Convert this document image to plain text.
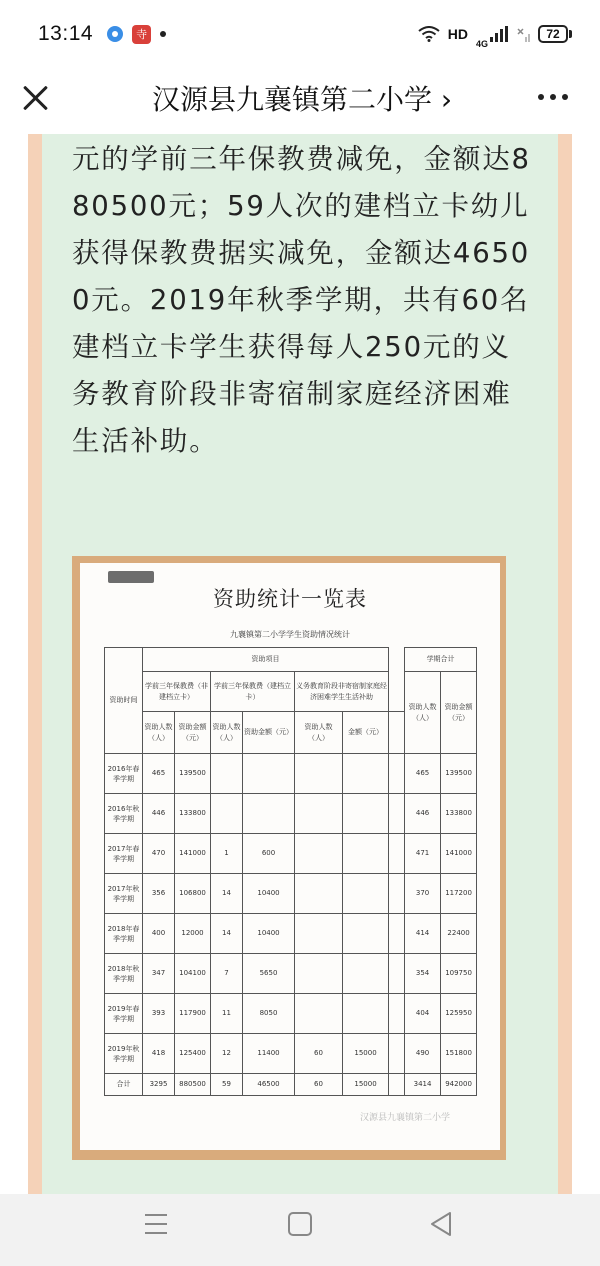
13:14	寺	HD
4G
72
汉源县九襄镇第二小学 ›
元的学前三年保教费减免，金额达8
80500元；59人次的建档立卡幼儿
获得保教费据实减免，金额达4650
0元。2019年秋季学期，共有60名
建档立卡学生获得每人250元的义
务教育阶段非寄宿制家庭经济困难
生活补助。
资助统计一览表
九襄镇第二小学学生资助情况统计
资助时间	资助项目							学期合计	
	学前三年保教费（非建档立卡）		学前三年保教费（建档立卡）		义务教育阶段非寄宿制家庭经济困难学生生活补助			资助人数（人）	资助金额（元）
	资助人数（人）	资助金额（元）	资助人数（人）	资助金额（元）	资助人数（人）	金额（元）			
2016年春季学期	465	139500						465	139500
2016年秋季学期	446	133800						446	133800
2017年春季学期	470	141000	1	600				471	141000
2017年秋季学期	356	106800	14	10400				370	117200
2018年春季学期	400	12000	14	10400				414	22400
2018年秋季学期	347	104100	7	5650				354	109750
2019年春季学期	393	117900	11	8050				404	125950
2019年秋季学期	418	125400	12	11400	60	15000		490	151800
合计	3295	880500	59	46500	60	15000		3414	942000
汉源县九襄镇第二小学
